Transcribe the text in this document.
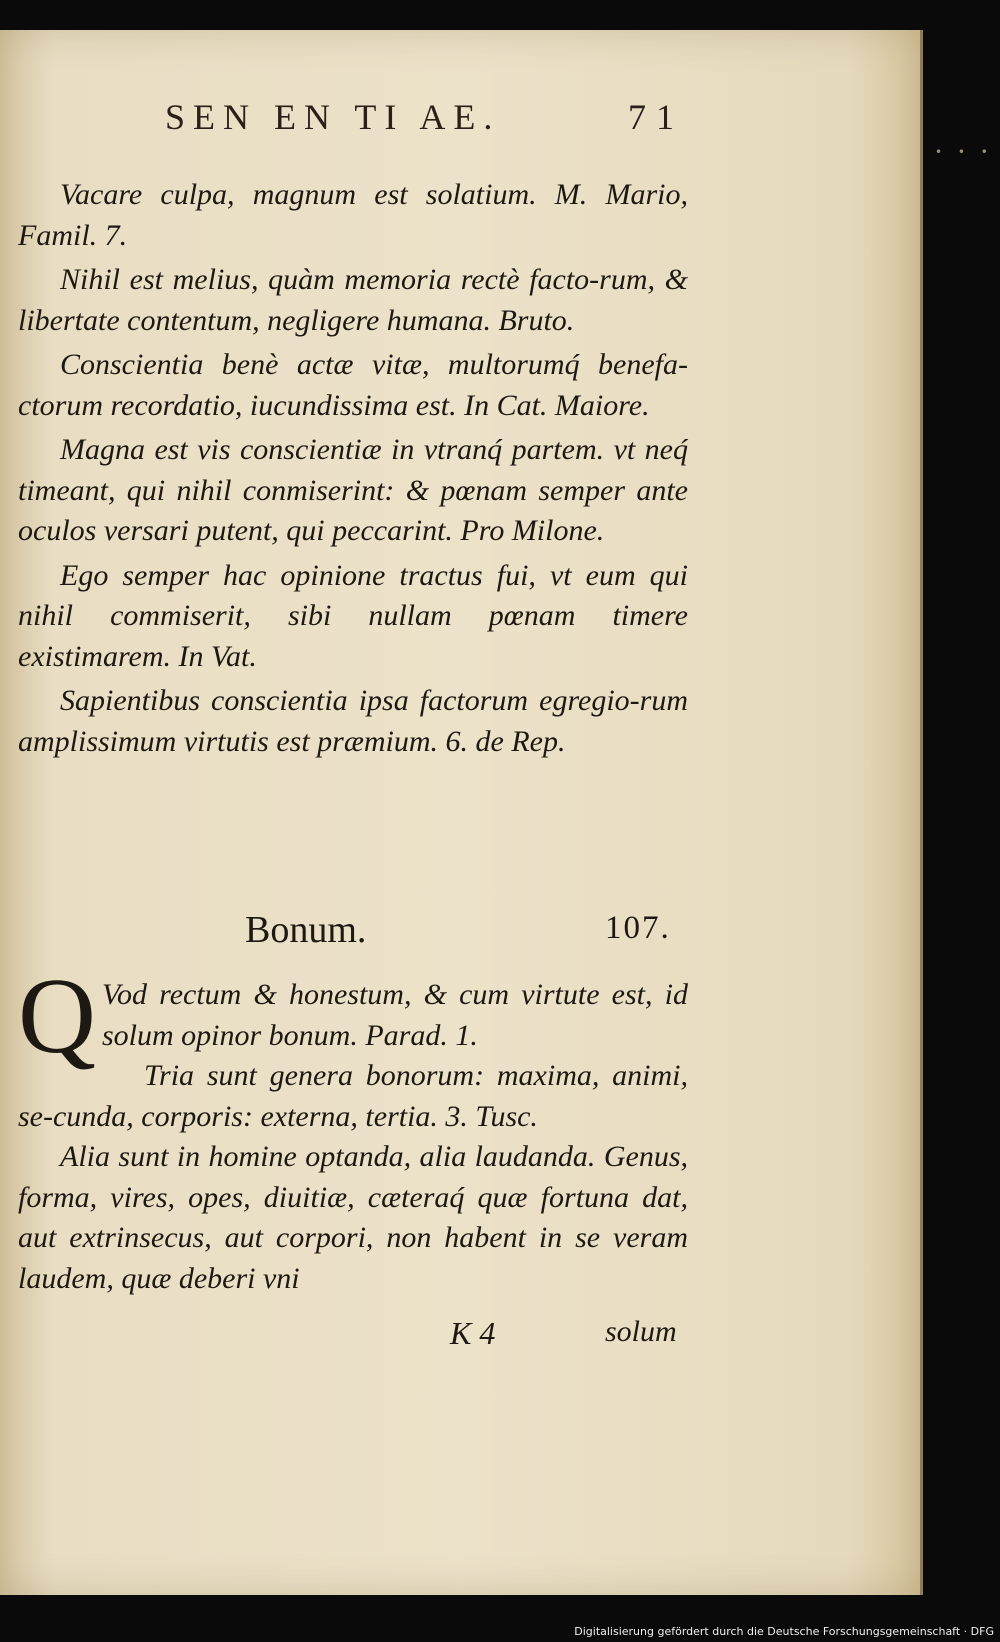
SEN EN TI AE.	71

Vacare culpa, magnum est solatium. M. Mario, Famil. 7.

Nihil est melius, quàm memoria rectè facto-rum, & libertate contentum, negligere humana. Bruto.

Conscientia benè actæ vitæ, multorumq́ benefa-ctorum recordatio, iucundissima est. In Cat. Maiore.

Magna est vis conscientiæ in vtranq́ partem. vt neq́ timeant, qui nihil conmiserint: & pœnam semper ante oculos versari putent, qui peccarint. Pro Milone.

Ego semper hac opinione tractus fui, vt eum qui nihil commiserit, sibi nullam pœnam timere existimarem. In Vat.

Sapientibus conscientia ipsa factorum egregio-rum amplissimum virtutis est præmium. 6. de Rep.

Bonum.	107.

Q Vod rectum & honestum, & cum virtute est, id solum opinor bonum. Parad. 1.

Tria sunt genera bonorum: maxima, animi, se-cunda, corporis: externa, tertia. 3. Tusc.

Alia sunt in homine optanda, alia laudanda. Genus, forma, vires, opes, diuitiæ, cæteraq́ quæ fortuna dat, aut extrinsecus, aut corpori, non habent in se veram laudem, quæ deberi vni

K 4	solum
• • •
Digitalisierung gefördert durch die Deutsche Forschungsgemeinschaft · DFG
